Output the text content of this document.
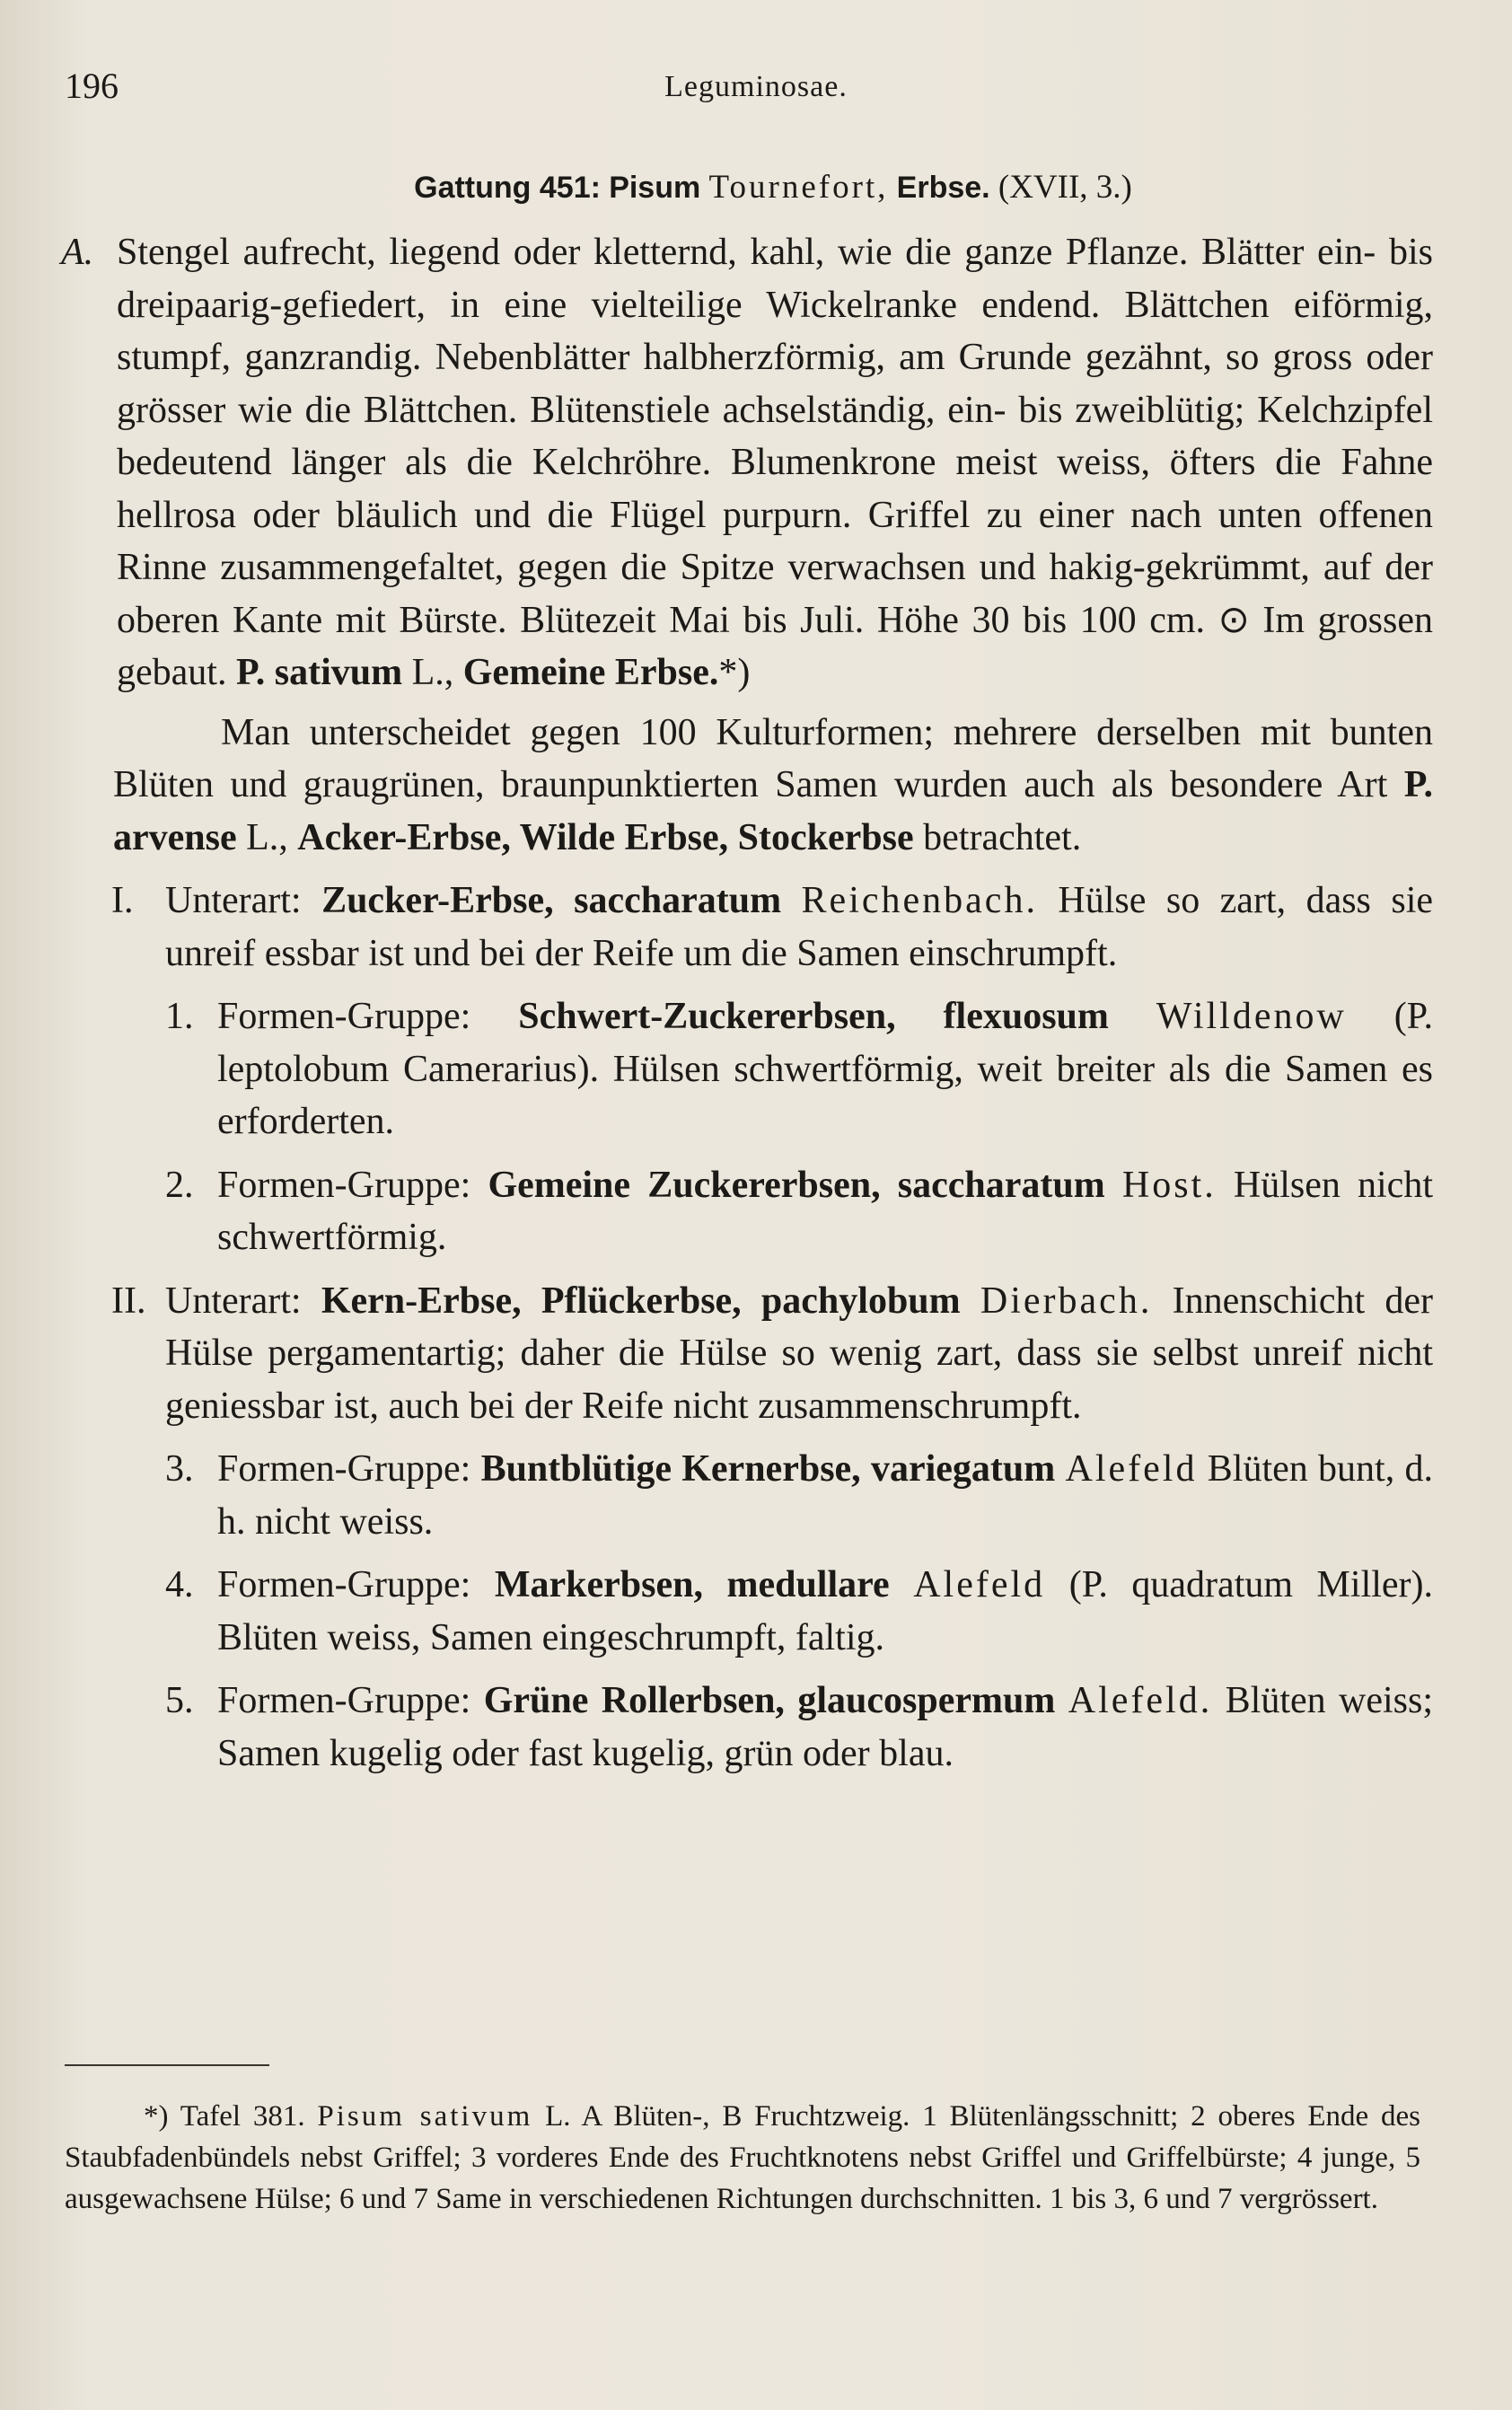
196	Leguminosae.
Gattung 451: Pisum Tournefort, Erbse. (XVII, 3.)

A. Stengel aufrecht, liegend oder kletternd, kahl, wie die ganze Pflanze. Blätter ein- bis dreipaarig-gefiedert, in eine vielteilige Wickelranke endend. Blättchen eiförmig, stumpf, ganzrandig. Nebenblätter halbherzförmig, am Grunde gezähnt, so gross oder grösser wie die Blättchen. Blütenstiele achselständig, ein- bis zweiblütig; Kelchzipfel bedeutend länger als die Kelchröhre. Blumenkrone meist weiss, öfters die Fahne hellrosa oder bläulich und die Flügel purpurn. Griffel zu einer nach unten offenen Rinne zusammengefaltet, gegen die Spitze verwachsen und hakig-gekrümmt, auf der oberen Kante mit Bürste. Blütezeit Mai bis Juli. Höhe 30 bis 100 cm. ⊙ Im grossen gebaut. P. sativum L., Gemeine Erbse.*)

Man unterscheidet gegen 100 Kulturformen; mehrere derselben mit bunten Blüten und graugrünen, braunpunktierten Samen wurden auch als besondere Art P. arvense L., Acker-Erbse, Wilde Erbse, Stockerbse betrachtet.

I. Unterart: Zucker-Erbse, saccharatum Reichenbach. Hülse so zart, dass sie unreif essbar ist und bei der Reife um die Samen einschrumpft.

1. Formen-Gruppe: Schwert-Zuckererbsen, flexuosum Willdenow (P. leptolobum Camerarius). Hülsen schwertförmig, weit breiter als die Samen es erforderten.

2. Formen-Gruppe: Gemeine Zuckererbsen, saccharatum Host. Hülsen nicht schwertförmig.

II. Unterart: Kern-Erbse, Pflückerbse, pachylobum Dierbach. Innenschicht der Hülse pergamentartig; daher die Hülse so wenig zart, dass sie selbst unreif nicht geniessbar ist, auch bei der Reife nicht zusammenschrumpft.

3. Formen-Gruppe: Buntblütige Kernerbse, variegatum Alefeld Blüten bunt, d. h. nicht weiss.

4. Formen-Gruppe: Markerbsen, medullare Alefeld (P. quadratum Miller). Blüten weiss, Samen eingeschrumpft, faltig.

5. Formen-Gruppe: Grüne Rollerbsen, glaucospermum Alefeld. Blüten weiss; Samen kugelig oder fast kugelig, grün oder blau.

*) Tafel 381. Pisum sativum L. A Blüten-, B Fruchtzweig. 1 Blütenlängsschnitt; 2 oberes Ende des Staubfadenbündels nebst Griffel; 3 vorderes Ende des Fruchtknotens nebst Griffel und Griffelbürste; 4 junge, 5 ausgewachsene Hülse; 6 und 7 Same in verschiedenen Richtungen durchschnitten. 1 bis 3, 6 und 7 vergrössert.
